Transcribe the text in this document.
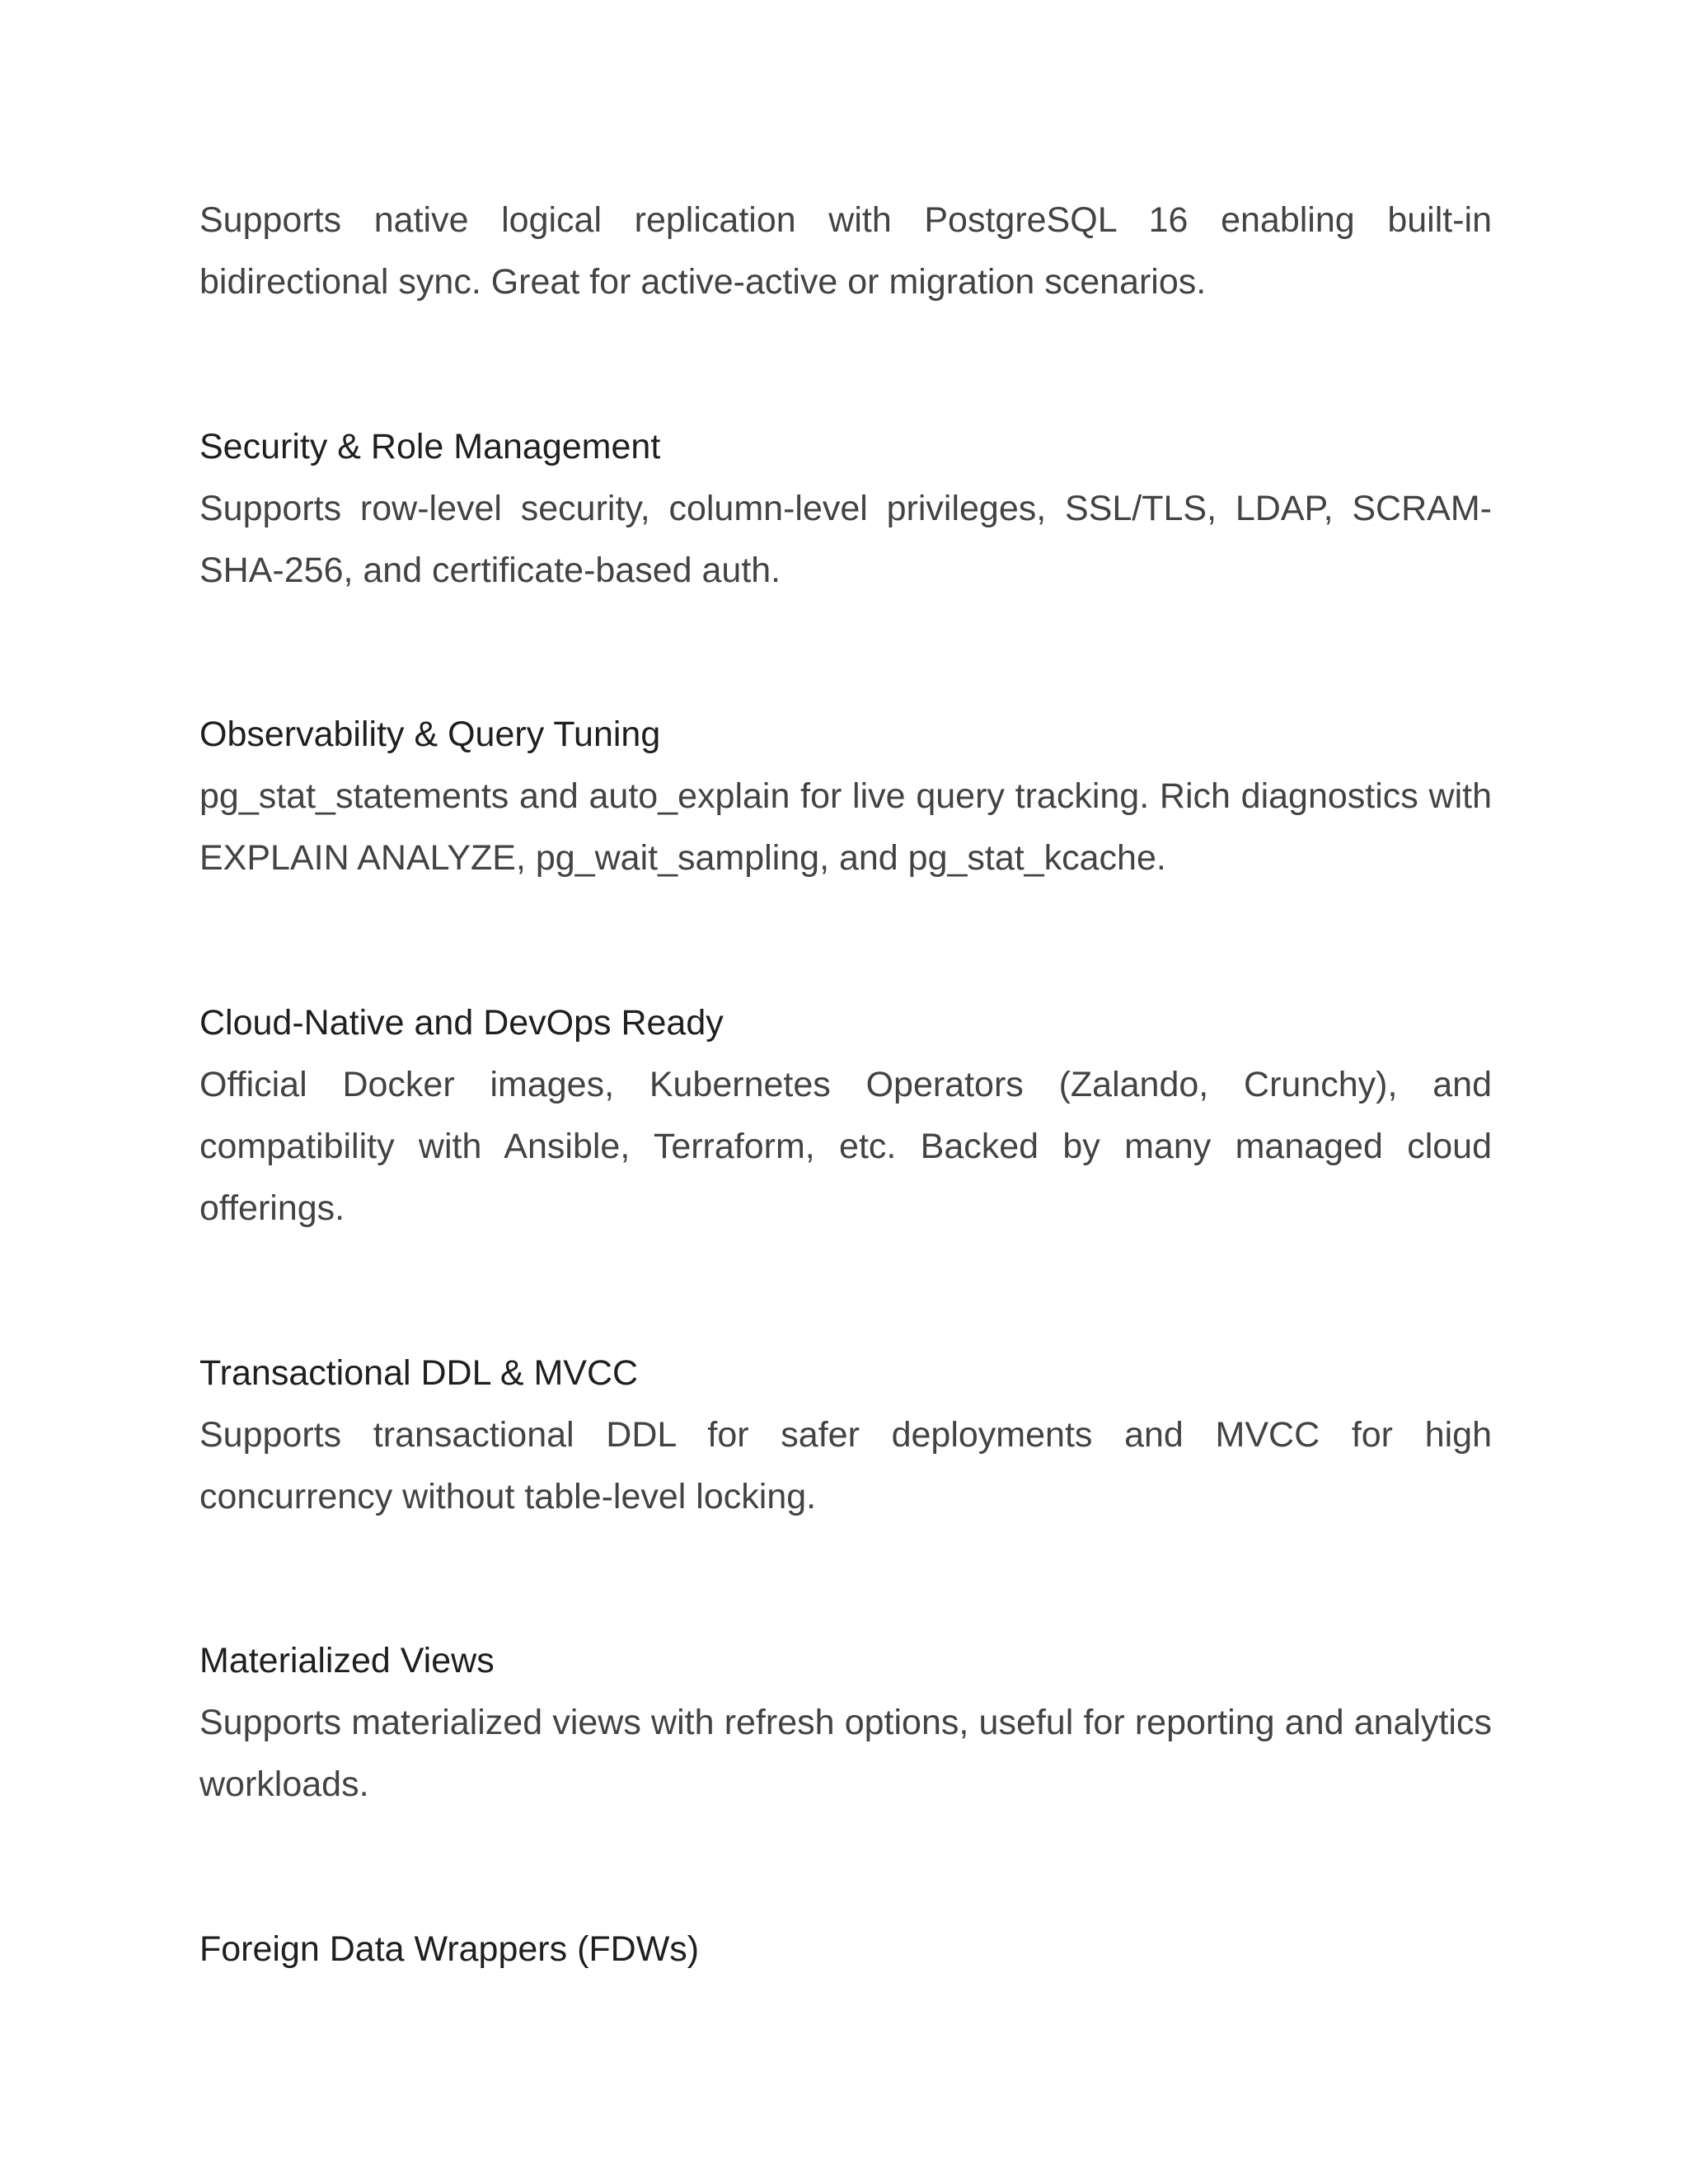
Supports native logical replication with PostgreSQL 16 enabling built-in bidirectional sync. Great for active-active or migration scenarios.

Security & Role Management

Supports row-level security, column-level privileges, SSL/TLS, LDAP, SCRAM-SHA-256, and certificate-based auth.

Observability & Query Tuning

pg_stat_statements and auto_explain for live query tracking. Rich diagnostics with EXPLAIN ANALYZE, pg_wait_sampling, and pg_stat_kcache.

Cloud-Native and DevOps Ready

Official Docker images, Kubernetes Operators (Zalando, Crunchy), and compatibility with Ansible, Terraform, etc. Backed by many managed cloud offerings.

Transactional DDL & MVCC

Supports transactional DDL for safer deployments and MVCC for high concurrency without table-level locking.

Materialized Views

Supports materialized views with refresh options, useful for reporting and analytics workloads.

Foreign Data Wrappers (FDWs)
